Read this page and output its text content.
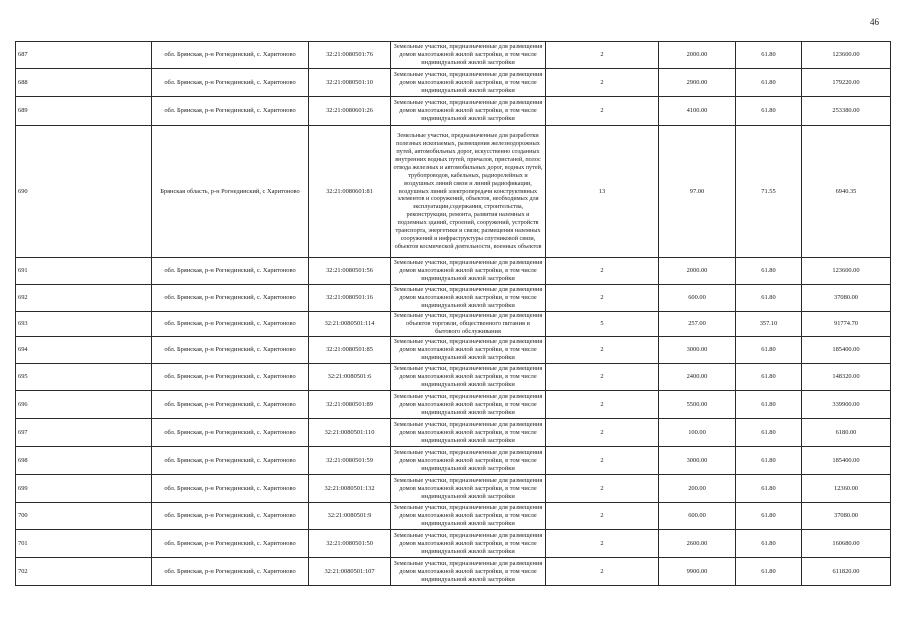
46
687	обл. Брянская, р-н Рогнединский, с. Харитоново	32:21:0080501:76	Земельные участки, предназначенные для размещения домов малоэтажной жилой застройки, в том числе индивидуальной жилой застройки	2	2000.00	61.80	123600.00
688	обл. Брянская, р-н Рогнединский, с. Харитоново	32:21:0080501:10	Земельные участки, предназначенные для размещения домов малоэтажной жилой застройки, в том числе индивидуальной жилой застройки	2	2900.00	61.80	179220.00
689	обл. Брянская, р-н Рогнединский, с. Харитоново	32:21:0080601:26	Земельные участки, предназначенные для размещения домов малоэтажной жилой застройки, в том числе индивидуальной жилой застройки	2	4100.00	61.80	253380.00
690	Брянская область, р-н Рогнединский, с Харитоново	32:21:0080601:81	Земельные участки, предназначенные для разработки полезных ископаемых, размещения железнодорожных путей, автомобильных дорог, искусственно созданных внутренних водных путей, причалов, пристаней, полос отвода железных и автомобильных дорог, водных путей, трубопроводов, кабельных, радиорелейных и воздушных линий связи и линий радиофикации, воздушных линий электропередачи конструктивных элементов и сооружений, объектов, необходимых для эксплуатации,содержания, строительства, реконструкции, ремонта, развития наземных и подземных зданий, строений, сооружений, устройств транспорта, энергетики и связи; размещения наземных сооружений и инфраструктуры спутниковой связи, объектов космической деятельности, военных объектов	13	97.00	71.55	6940.35
691	обл. Брянская, р-н Рогнединский, с. Харитоново	32:21:0080501:56	Земельные участки, предназначенные для размещения домов малоэтажной жилой застройки, в том числе индивидуальной жилой застройки	2	2000.00	61.80	123600.00
692	обл. Брянская, р-н Рогнединский, с. Харитоново	32:21:0080501:16	Земельные участки, предназначенные для размещения домов малоэтажной жилой застройки, в том числе индивидуальной жилой застройки	2	600.00	61.80	37080.00
693	обл. Брянская, р-н Рогнединский, с. Харитоново	32:21:0080501:114	Земельные участки, предназначенные для размещения объектов торговли, общественного питания и бытового обслуживания	5	257.00	357.10	91774.70
694	обл. Брянская, р-н Рогнединский, с. Харитоново	32:21:0080501:85	Земельные участки, предназначенные для размещения домов малоэтажной жилой застройки, в том числе индивидуальной жилой застройки	2	3000.00	61.80	185400.00
695	обл. Брянская, р-н Рогнединский, с. Харитоново	32:21:0080501:6	Земельные участки, предназначенные для размещения домов малоэтажной жилой застройки, в том числе индивидуальной жилой застройки	2	2400.00	61.80	148320.00
696	обл. Брянская, р-н Рогнединский, с. Харитоново	32:21:0080501:89	Земельные участки, предназначенные для размещения домов малоэтажной жилой застройки, в том числе индивидуальной жилой застройки	2	5500.00	61.80	339900.00
697	обл. Брянская, р-н Рогнединский, с. Харитоново	32:21:0080501:110	Земельные участки, предназначенные для размещения домов малоэтажной жилой застройки, в том числе индивидуальной жилой застройки	2	100.00	61.80	6180.00
698	обл. Брянская, р-н Рогнединский, с. Харитоново	32:21:0080501:59	Земельные участки, предназначенные для размещения домов малоэтажной жилой застройки, в том числе индивидуальной жилой застройки	2	3000.00	61.80	185400.00
699	обл. Брянская, р-н Рогнединский, с. Харитоново	32:21:0080501:132	Земельные участки, предназначенные для размещения домов малоэтажной жилой застройки, в том числе индивидуальной жилой застройки	2	200.00	61.80	12360.00
700	обл. Брянская, р-н Рогнединский, с. Харитоново	32:21:0080501:9	Земельные участки, предназначенные для размещения домов малоэтажной жилой застройки, в том числе индивидуальной жилой застройки	2	600.00	61.80	37080.00
701	обл. Брянская, р-н Рогнединский, с. Харитоново	32:21:0080501:50	Земельные участки, предназначенные для размещения домов малоэтажной жилой застройки, в том числе индивидуальной жилой застройки	2	2600.00	61.80	160680.00
702	обл. Брянская, р-н Рогнединский, с. Харитоново	32:21:0080501:107	Земельные участки, предназначенные для размещения домов малоэтажной жилой застройки, в том числе индивидуальной жилой застройки	2	9900.00	61.80	611820.00
